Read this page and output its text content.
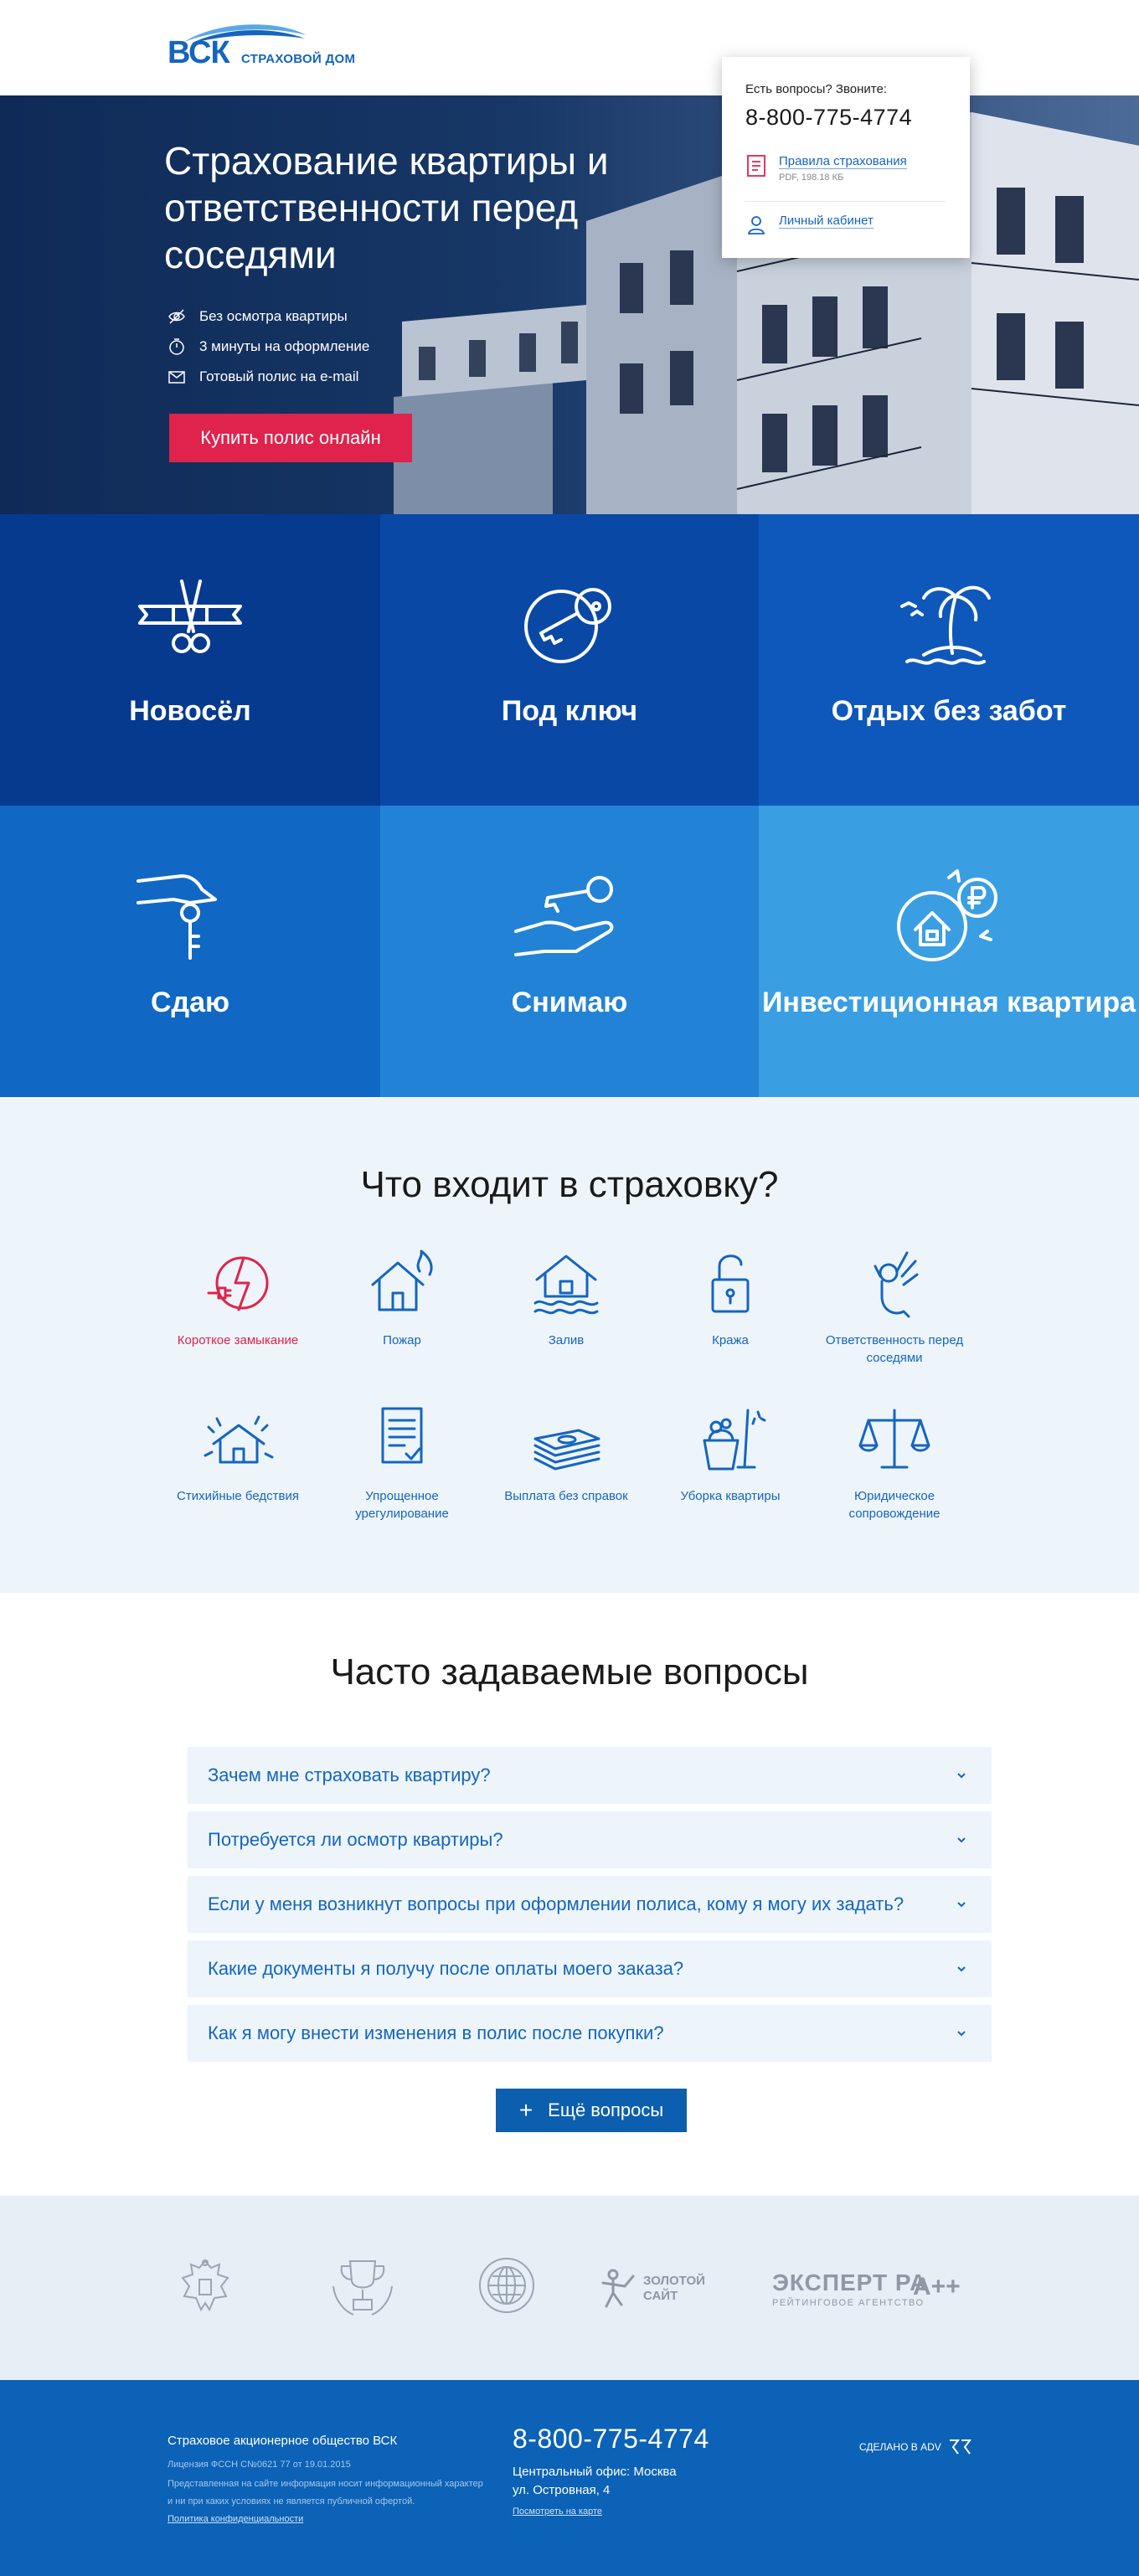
ВСК СТРАХОВОЙ ДОМ
Страхование квартиры и ответственности перед соседями
Без осмотра квартиры
3 минуты на оформление
Готовый полис на e-mail
Купить полис онлайн
Есть вопросы? Звоните:
8-800-775-4774
Правила страхования
PDF, 198.18 КБ
Личный кабинет
Новосёл	Под ключ	Отдых без забот
Сдаю	Снимаю	Инвестиционная квартира
Что входит в страховку?
Короткое замыкание	Пожар	Залив	Кража	Ответственность перед соседями
Стихийные бедствия	Упрощенное урегулирование
Выплата без справок	Уборка квартиры	Юридическое сопровождение
Часто задаваемые вопросы
Зачем мне страховать квартиру?
Потребуется ли осмотр квартиры?
Если у меня возникнут вопросы при оформлении полиса, кому я могу их задать?
Какие документы я получу после оплаты моего заказа?
Как я могу внести изменения в полис после покупки?
+ Ещё вопросы
ЗОЛОТОЙ САЙТ
ЭКСПЕРТ РА
РЕЙТИНГОВОЕ АГЕНТСТВО
A++
Страховое акционерное общество ВСК
Лицензия ФССН С№0621 77 от 19.01.2015
Представленная на сайте информация носит информационный характер и ни при каких условиях не является публичной офертой.
Политика конфиденциальности
8-800-775-4774
Центральный офис: Москва
ул. Островная, 4
Посмотреть на карте
СДЕЛАНО В ADV
